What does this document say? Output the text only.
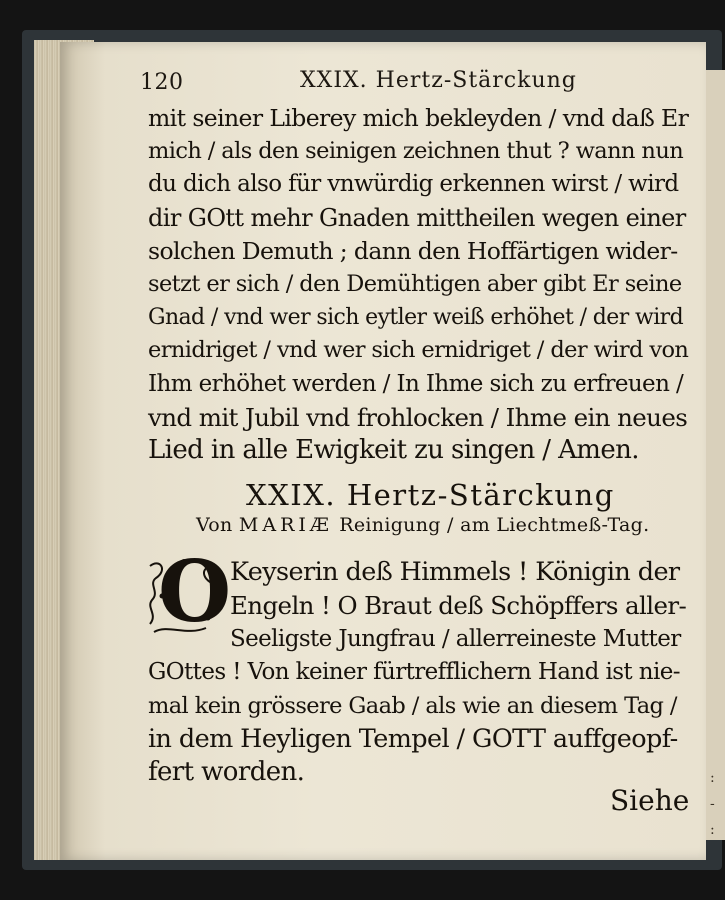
:
-
:
120	XXIX. Hertz-Stärckung
mit seiner Liberey mich bekleyden / vnd daß Er
mich / als den seinigen zeichnen thut ? wann nun
du dich also für vnwürdig erkennen wirst / wird
dir GOtt mehr Gnaden mittheilen wegen einer
solchen Demuth ; dann den Hoffärtigen wider-
setzt er sich / den Demühtigen aber gibt Er seine
Gnad / vnd wer sich eytler weiß erhöhet / der wird
ernidriget / vnd wer sich ernidriget / der wird von
Ihm erhöhet werden / In Ihme sich zu erfreuen /
vnd mit Jubil vnd frohlocken / Ihme ein neues
Lied in alle Ewigkeit zu singen / Amen.
XXIX. Hertz-Stärckung
Von MARIÆ Reinigung / am Liechtmeß-Tag.
O
Keyserin deß Himmels ! Königin der
Engeln ! O Braut deß Schöpffers aller-
Seeligste Jungfrau / allerreineste Mutter
GOttes ! Von keiner fürtrefflichern Hand ist nie-
mal kein grössere Gaab / als wie an diesem Tag /
in dem Heyligen Tempel / GOTT auffgeopf-
fert worden.
Siehe
